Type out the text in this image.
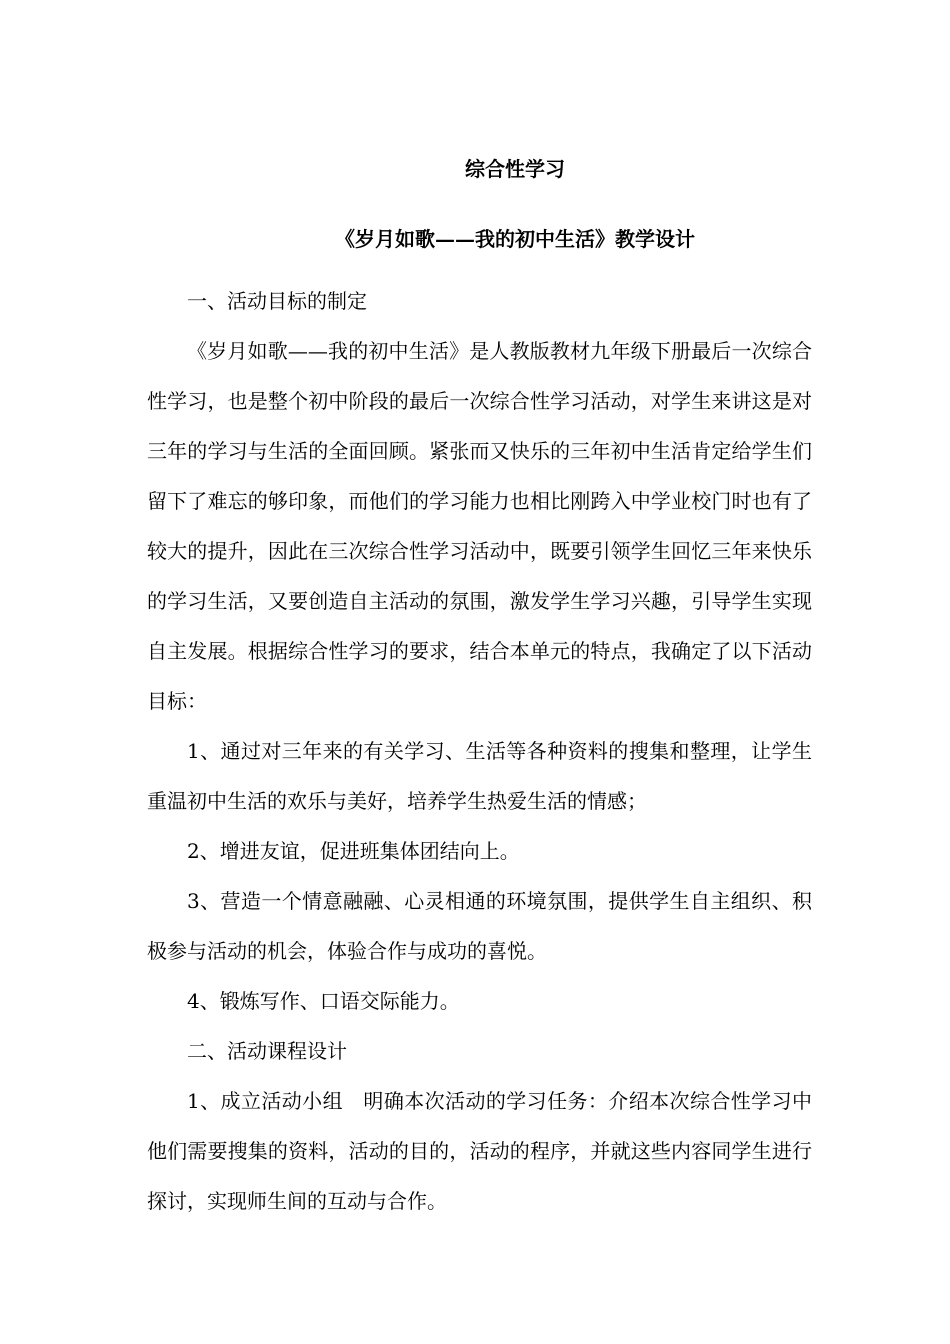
综合性学习
《岁月如歌——我的初中生活》教学设计

一、活动目标的制定

《岁月如歌——我的初中生活》是人教版教材九年级下册最后一次综合性学习，也是整个初中阶段的最后一次综合性学习活动，对学生来讲这是对三年的学习与生活的全面回顾。紧张而又快乐的三年初中生活肯定给学生们留下了难忘的够印象，而他们的学习能力也相比刚跨入中学业校门时也有了较大的提升，因此在三次综合性学习活动中，既要引领学生回忆三年来快乐的学习生活，又要创造自主活动的氛围，激发学生学习兴趣，引导学生实现自主发展。根据综合性学习的要求，结合本单元的特点，我确定了以下活动目标：

1、通过对三年来的有关学习、生活等各种资料的搜集和整理，让学生重温初中生活的欢乐与美好，培养学生热爱生活的情感；

2、增进友谊，促进班集体团结向上。

3、营造一个情意融融、心灵相通的环境氛围，提供学生自主组织、积极参与活动的机会，体验合作与成功的喜悦。

4、锻炼写作、口语交际能力。

二、活动课程设计

1、成立活动小组　明确本次活动的学习任务：介绍本次综合性学习中他们需要搜集的资料，活动的目的，活动的程序，并就这些内容同学生进行探讨，实现师生间的互动与合作。
